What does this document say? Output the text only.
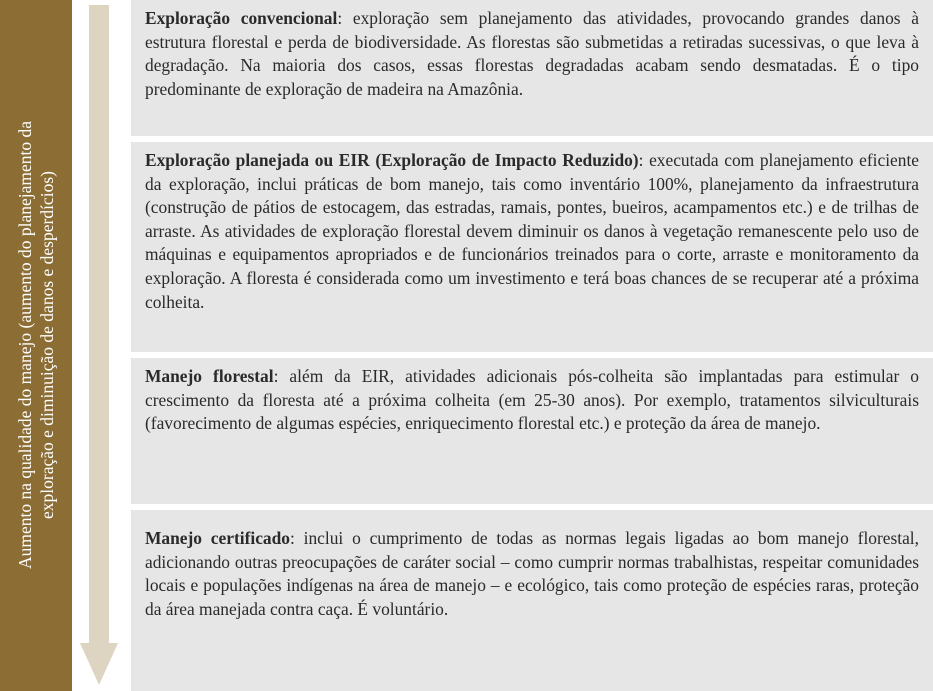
Aumento na qualidade do manejo (aumento do planejamento da
exploração e diminuição de danos e desperdícios)
Exploração convencional: exploração sem planejamento das atividades, provocando grandes danos à estrutura florestal e perda de biodiversidade. As florestas são submetidas a retiradas sucessivas, o que leva à degradação. Na maioria dos casos, essas florestas degradadas acabam sendo desmatadas. É o tipo predominante de exploração de madeira na Amazônia.
Exploração planejada ou EIR (Exploração de Impacto Reduzido): executada com planejamento eficiente da exploração, inclui práticas de bom manejo, tais como inventário 100%, planejamento da infraestrutura (construção de pátios de estocagem, das estradas, ramais, pontes, bueiros, acampamentos etc.) e de trilhas de arraste. As atividades de exploração florestal devem diminuir os danos à vegetação remanescente pelo uso de máquinas e equipamentos apropriados e de funcionários treinados para o corte, arraste e monitoramento da exploração. A floresta é considerada como um investimento e terá boas chances de se recuperar até a próxima colheita.
Manejo florestal: além da EIR, atividades adicionais pós-colheita são implantadas para estimular o crescimento da floresta até a próxima colheita (em 25-30 anos). Por exemplo, tratamentos silviculturais (favorecimento de algumas espécies, enriquecimento florestal etc.) e proteção da área de manejo.
Manejo certificado: inclui o cumprimento de todas as normas legais ligadas ao bom manejo florestal, adicionando outras preocupações de caráter social – como cumprir normas trabalhistas, respeitar comunidades locais e populações indígenas na área de manejo – e ecológico, tais como proteção de espécies raras, proteção da área manejada contra caça. É voluntário.
